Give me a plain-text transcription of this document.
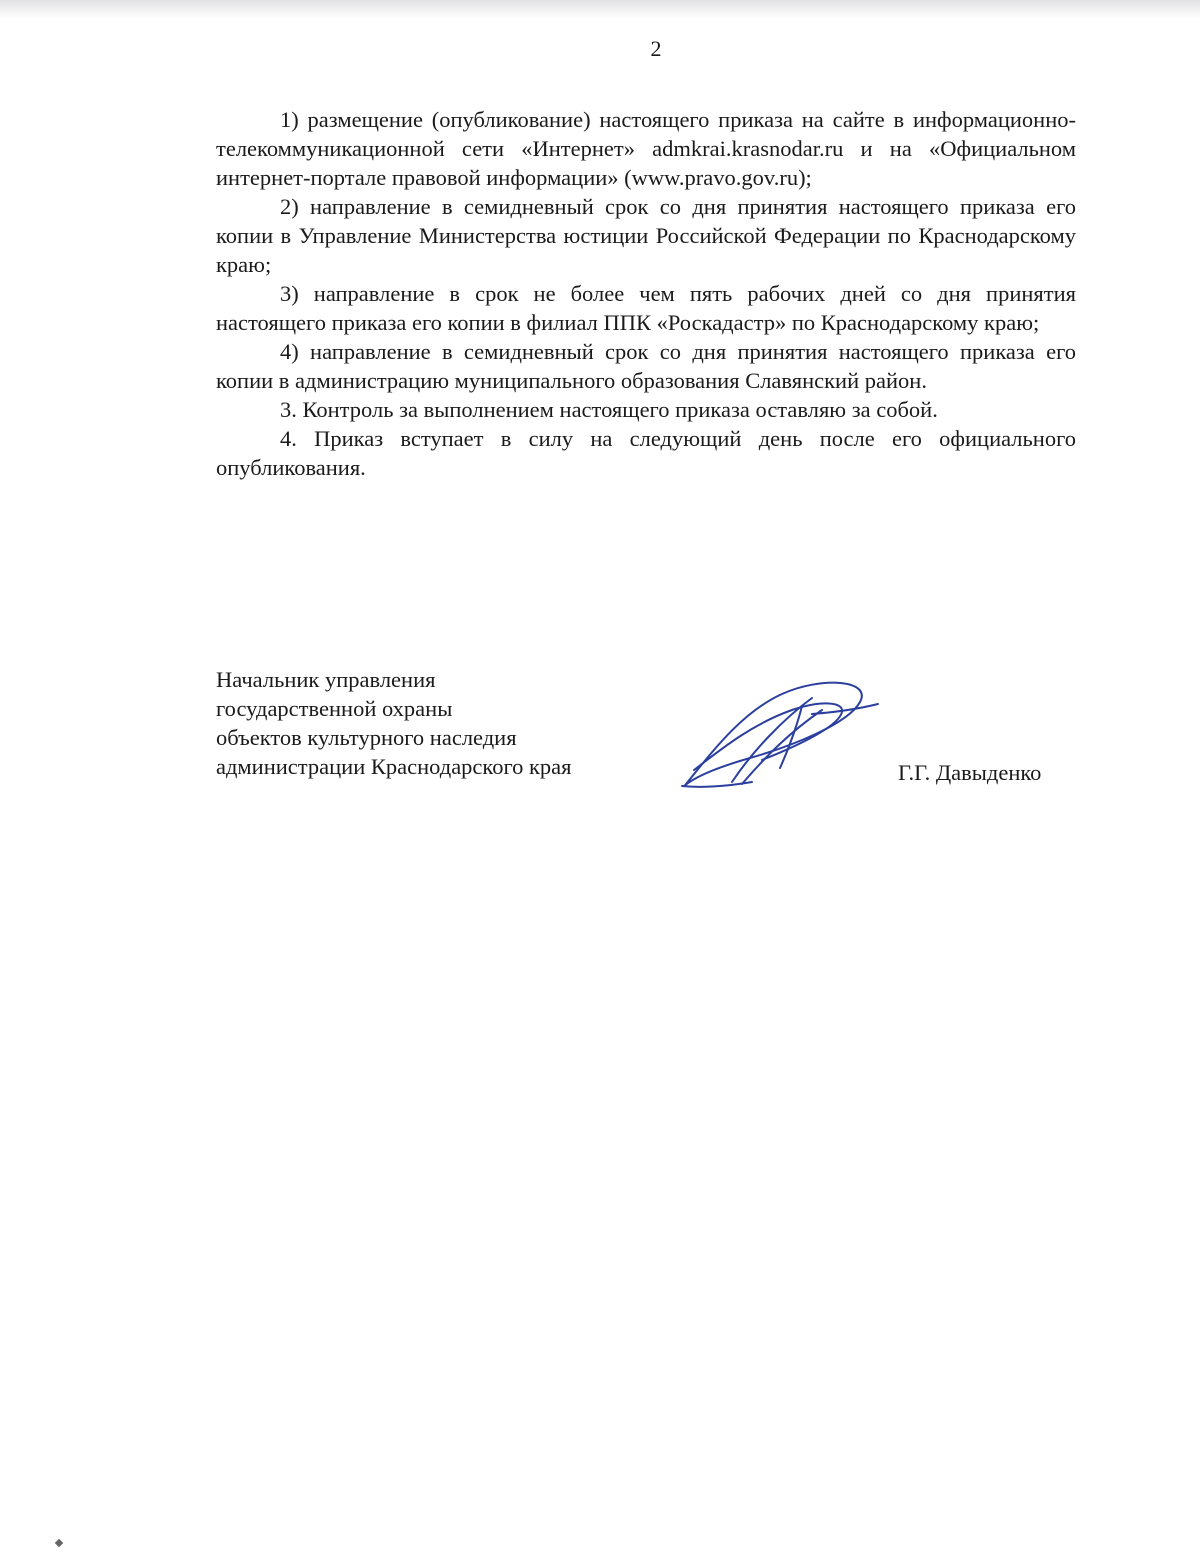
2

1) размещение (опубликование) настоящего приказа на сайте в информационно-телекоммуникационной сети «Интернет» admkrai.krasnodar.ru и на «Официальном интернет-портале правовой информации» (www.pravo.gov.ru);

2) направление в семидневный срок со дня принятия настоящего приказа его копии в Управление Министерства юстиции Российской Федерации по Краснодарскому краю;

3) направление в срок не более чем пять рабочих дней со дня принятия настоящего приказа его копии в филиал ППК «Роскадастр» по Краснодарскому краю;

4) направление в семидневный срок со дня принятия настоящего приказа его копии в администрацию муниципального образования Славянский район.

3. Контроль за выполнением настоящего приказа оставляю за собой.

4. Приказ вступает в силу на следующий день после его официального опубликования.

Начальник управления
государственной охраны
объектов культурного наследия
администрации Краснодарского края	Г.Г. Давыденко
